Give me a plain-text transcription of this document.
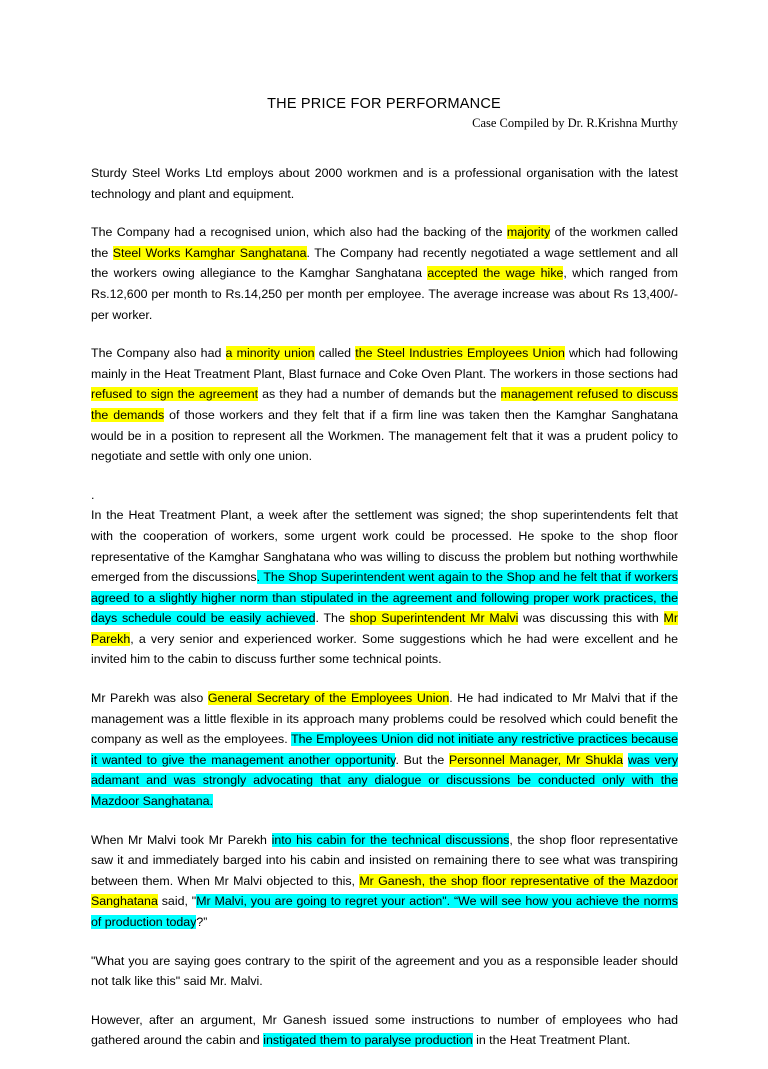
THE PRICE FOR PERFORMANCE
Case Compiled by Dr. R.Krishna Murthy

Sturdy Steel Works Ltd employs about 2000 workmen and is a professional organisation with the latest technology and plant and equipment.

The Company had a recognised union, which also had the backing of the majority of the workmen called the Steel Works Kamghar Sanghatana. The Company had recently negotiated a wage settlement and all the workers owing allegiance to the Kamghar Sanghatana accepted the wage hike, which ranged from Rs.12,600 per month to Rs.14,250 per month per employee. The average increase was about Rs 13,400/- per worker.

The Company also had a minority union called the Steel Industries Employees Union which had following mainly in the Heat Treatment Plant, Blast furnace and Coke Oven Plant. The workers in those sections had refused to sign the agreement as they had a number of demands but the management refused to discuss the demands of those workers and they felt that if a firm line was taken then the Kamghar Sanghatana would be in a position to represent all the Workmen. The management felt that it was a prudent policy to negotiate and settle with only one union.

.

In the Heat Treatment Plant, a week after the settlement was signed; the shop superintendents felt that with the cooperation of workers, some urgent work could be processed. He spoke to the shop floor representative of the Kamghar Sanghatana who was willing to discuss the problem but nothing worthwhile emerged from the discussions. The Shop Superintendent went again to the Shop and he felt that if workers agreed to a slightly higher norm than stipulated in the agreement and following proper work practices, the days schedule could be easily achieved. The shop Superintendent Mr Malvi was discussing this with Mr Parekh, a very senior and experienced worker. Some suggestions which he had were excellent and he invited him to the cabin to discuss further some technical points.

Mr Parekh was also General Secretary of the Employees Union. He had indicated to Mr Malvi that if the management was a little flexible in its approach many problems could be resolved which could benefit the company as well as the employees. The Employees Union did not initiate any restrictive practices because it wanted to give the management another opportunity. But the Personnel Manager, Mr Shukla was very adamant and was strongly advocating that any dialogue or discussions be conducted only with the Mazdoor Sanghatana.

When Mr Malvi took Mr Parekh into his cabin for the technical discussions, the shop floor representative saw it and immediately barged into his cabin and insisted on remaining there to see what was transpiring between them. When Mr Malvi objected to this, Mr Ganesh, the shop floor representative of the Mazdoor Sanghatana said, "Mr Malvi, you are going to regret your action". “We will see how you achieve the norms of production today?”

"What you are saying goes contrary to the spirit of the agreement and you as a responsible leader should not talk like this" said Mr. Malvi.

However, after an argument, Mr Ganesh issued some instructions to number of employees who had gathered around the cabin and instigated them to paralyse production in the Heat Treatment Plant.
